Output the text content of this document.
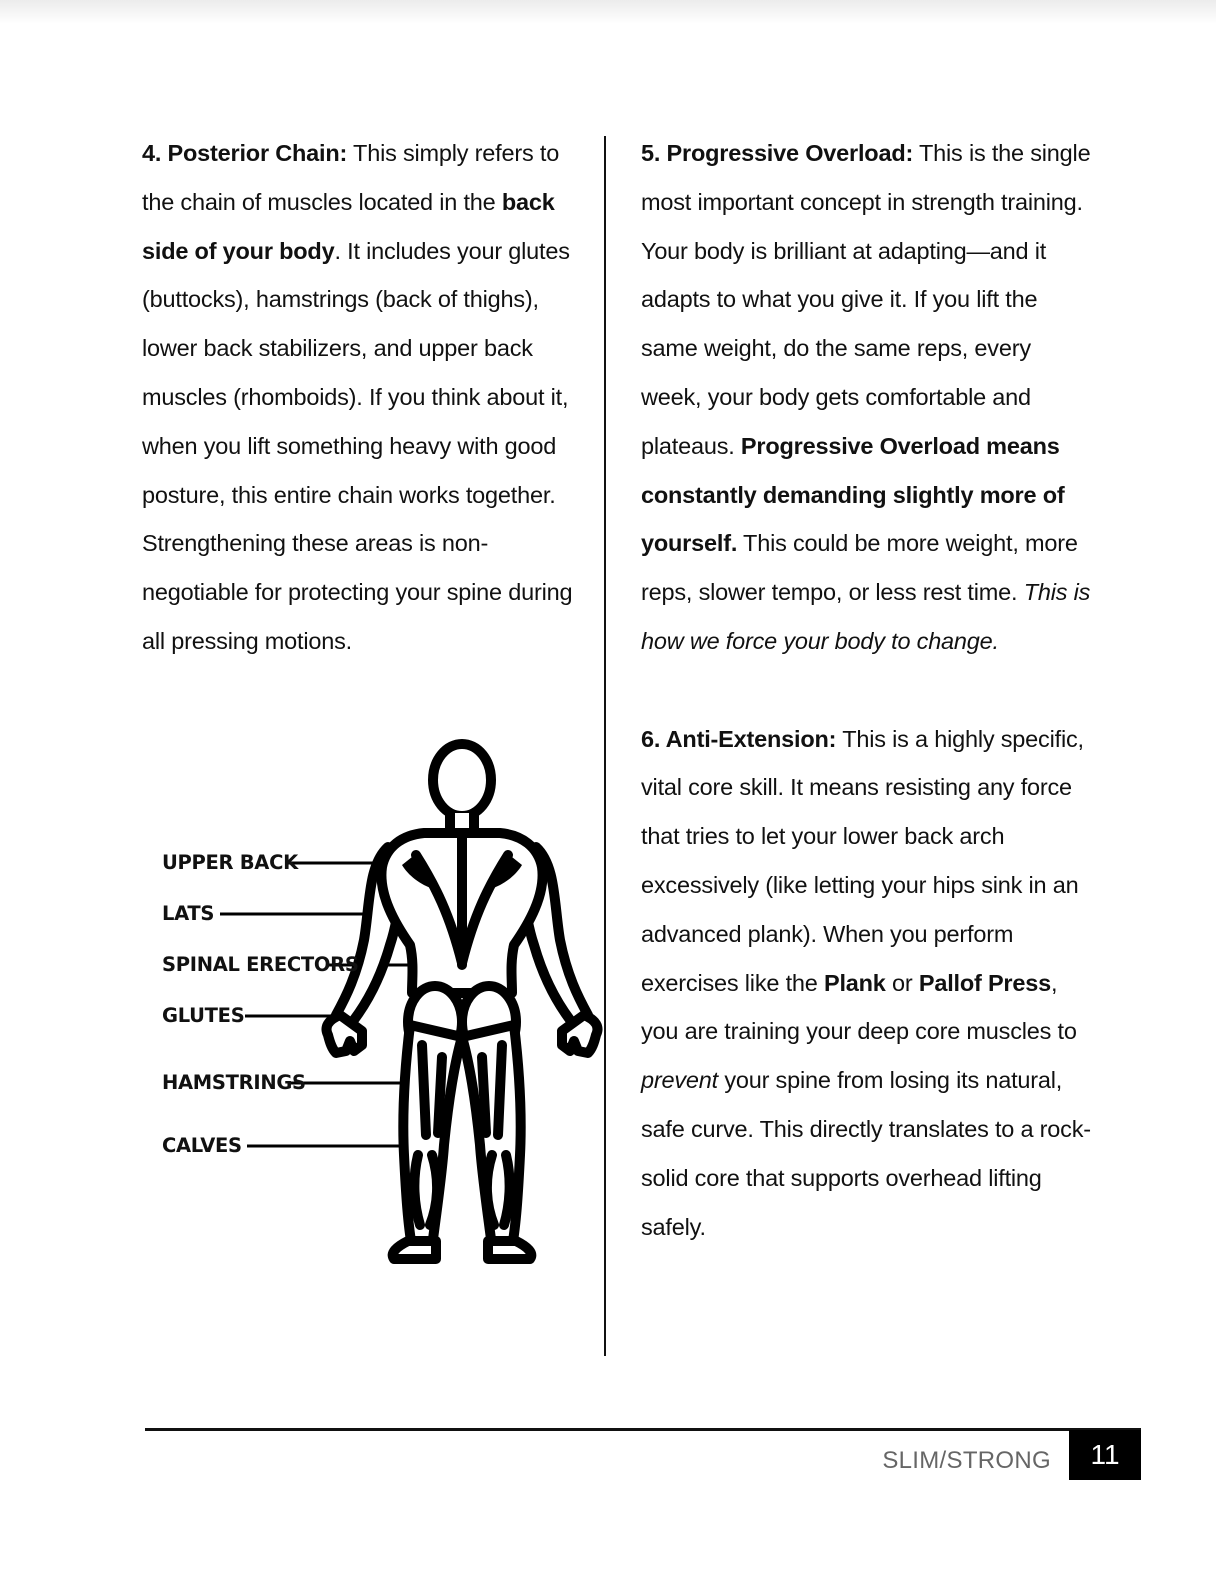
4. Posterior Chain: This simply refers to the chain of muscles located in the back side of your body. It includes your glutes (buttocks), hamstrings (back of thighs), lower back stabilizers, and upper back muscles (rhomboids). If you think about it, when you lift something heavy with good posture, this entire chain works together. Strengthening these areas is non-negotiable for protecting your spine during all pressing motions.

5. Progressive Overload: This is the single most important concept in strength training. Your body is brilliant at adapting—and it adapts to what you give it. If you lift the same weight, do the same reps, every week, your body gets comfortable and plateaus. Progressive Overload means constantly demanding slightly more of yourself. This could be more weight, more reps, slower tempo, or less rest time. This is how we force your body to change.

6. Anti-Extension: This is a highly specific, vital core skill. It means resisting any force that tries to let your lower back arch excessively (like letting your hips sink in an advanced plank). When you perform exercises like the Plank or Pallof Press, you are training your deep core muscles to prevent your spine from losing its natural, safe curve. This directly translates to a rock-solid core that supports overhead lifting safely.

UPPER BACK
LATS
SPINAL ERECTORS
GLUTES
HAMSTRINGS
CALVES
SLIM/STRONG	11
